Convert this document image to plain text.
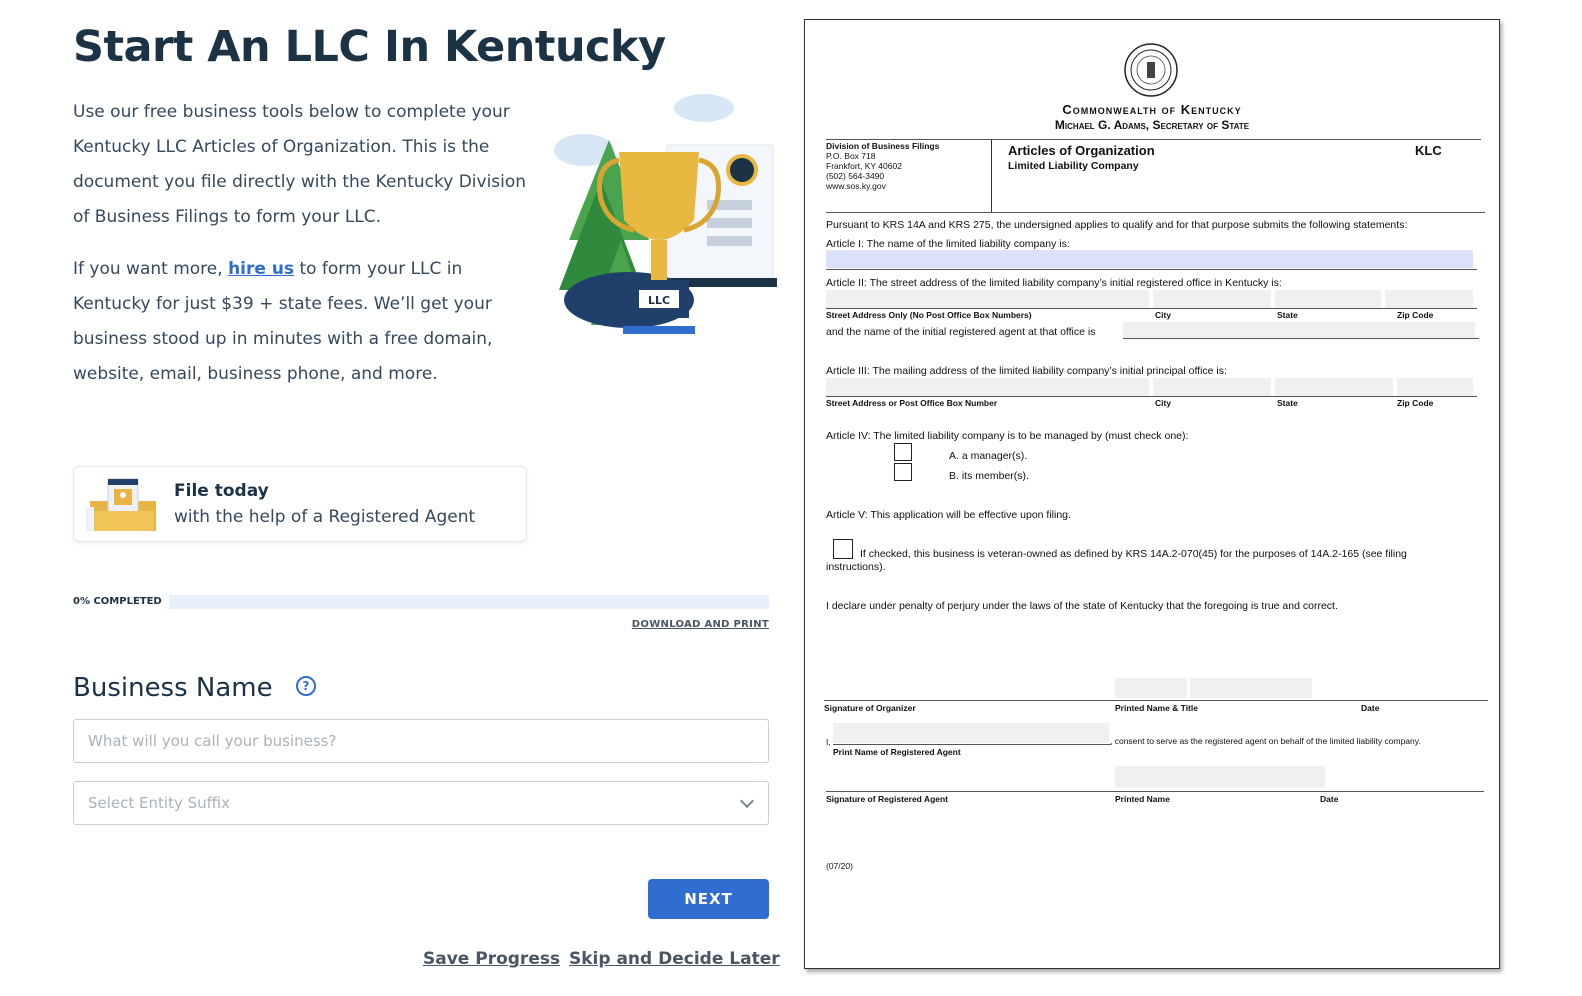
Start An LLC In Kentucky

Use our free business tools below to complete your Kentucky LLC Articles of Organization. This is the document you file directly with the Kentucky Division of Business Filings to form your LLC.

If you want more, hire us to form your LLC in Kentucky for just $39 + state fees. We’ll get your business stood up in minutes with a free domain, website, email, business phone, and more.

LLC
File today
with the help of a Registered Agent
0% COMPLETED
DOWNLOAD AND PRINT
Business Name	?
What will you call your business?
Select Entity Suffix
NEXT
Save Progress Skip and Decide Later
Commonwealth of Kentucky
Michael G. Adams, Secretary of State
Division of Business Filings
P.O. Box 718
Frankfort, KY 40602
(502) 564-3490
www.sos.ky.gov
Articles of Organization
Limited Liability Company
KLC
Pursuant to KRS 14A and KRS 275, the undersigned applies to qualify and for that purpose submits the following statements:
Article I: The name of the limited liability company is:
Article II: The street address of the limited liability company’s initial registered office in Kentucky is:
Street Address Only (No Post Office Box Numbers)	City	State	Zip Code
and the name of the initial registered agent at that office is
Article III: The mailing address of the limited liability company’s initial principal office is:
Street Address or Post Office Box Number	City	State	Zip Code
Article IV: The limited liability company is to be managed by (must check one):
A. a manager(s).
B. its member(s).
Article V: This application will be effective upon filing.
If checked, this business is veteran-owned as defined by KRS 14A.2-070(45) for the purposes of 14A.2-165 (see filing
instructions).
I declare under penalty of perjury under the laws of the state of Kentucky that the foregoing is true and correct.
Signature of Organizer	Printed Name & Title	Date
I,	, consent to serve as the registered agent on behalf of the limited liability company.
Print Name of Registered Agent
Signature of Registered Agent	Printed Name	Date
(07/20)
